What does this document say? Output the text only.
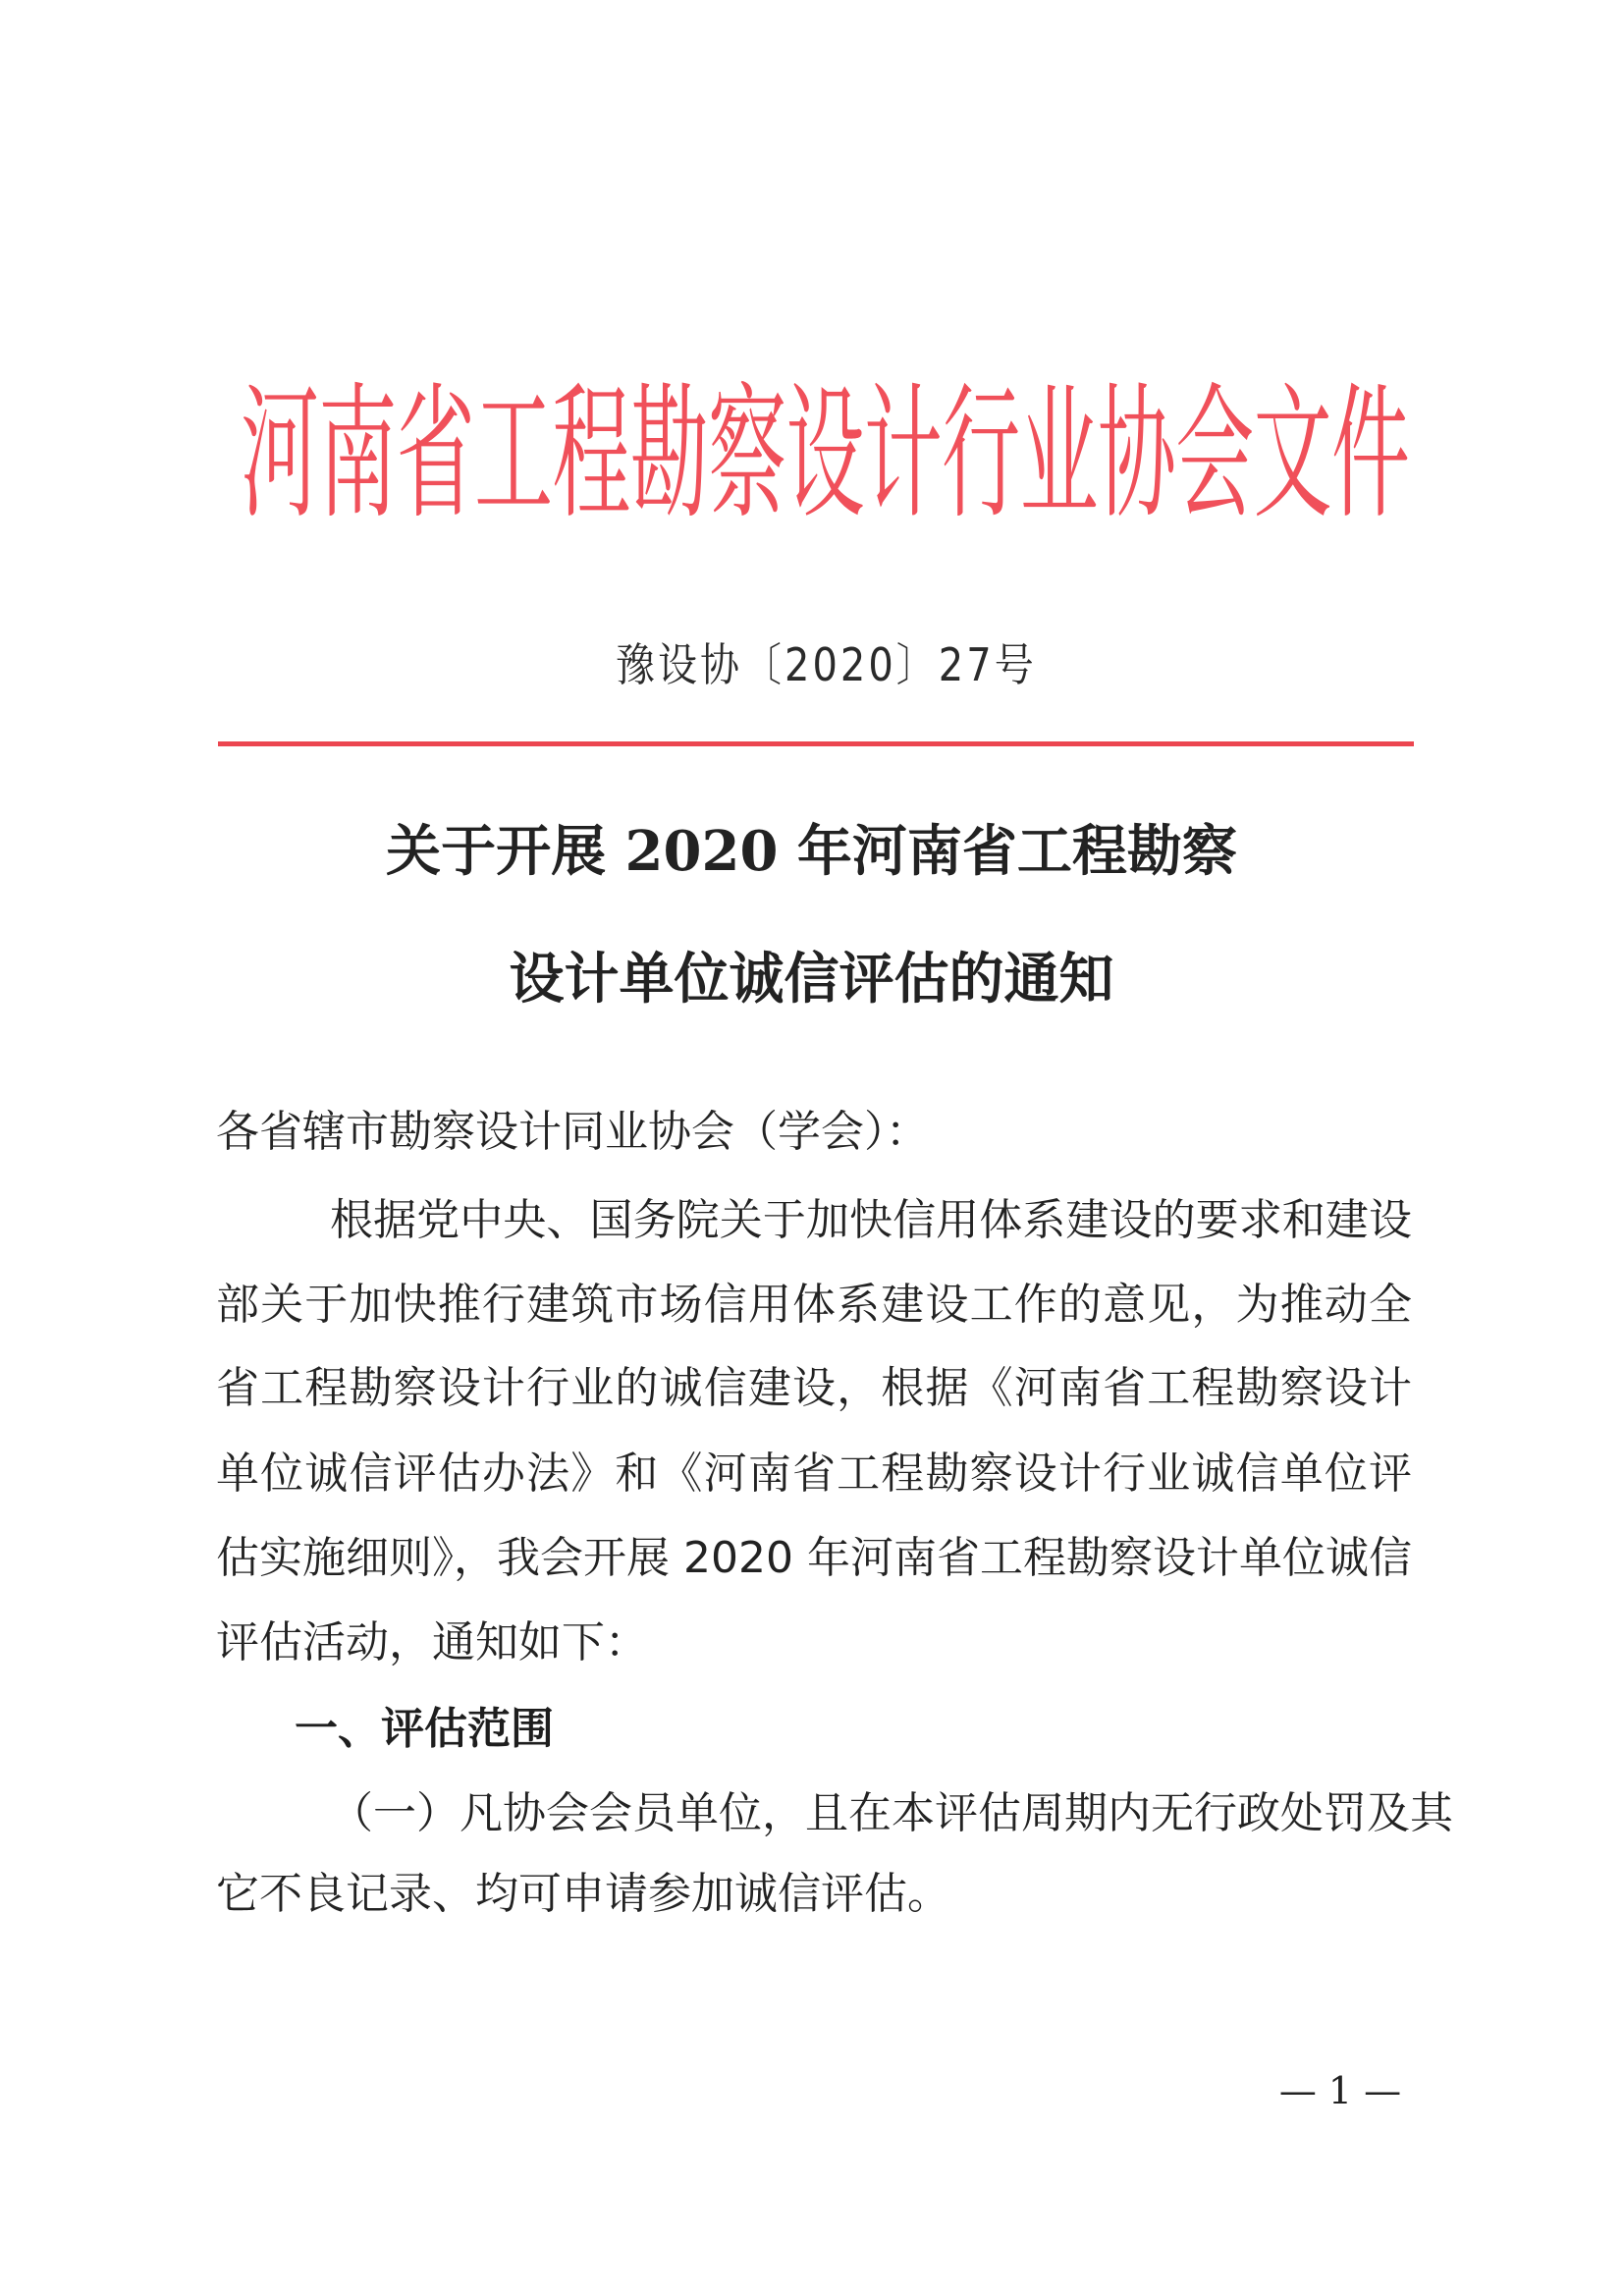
河南省工程勘察设计行业协会文件
豫设协〔2020〕27号
关于开展 2020 年河南省工程勘察
设计单位诚信评估的通知
各省辖市勘察设计同业协会（学会）：
根据党中央、国务院关于加快信用体系建设的要求和建设
部关于加快推行建筑市场信用体系建设工作的意见，为推动全
省工程勘察设计行业的诚信建设，根据《河南省工程勘察设计
单位诚信评估办法》和《河南省工程勘察设计行业诚信单位评
估实施细则》，我会开展 2020 年河南省工程勘察设计单位诚信
评估活动，通知如下：
一、评估范围
（一）凡协会会员单位，且在本评估周期内无行政处罚及其
它不良记录、均可申请参加诚信评估。
— 1 —
